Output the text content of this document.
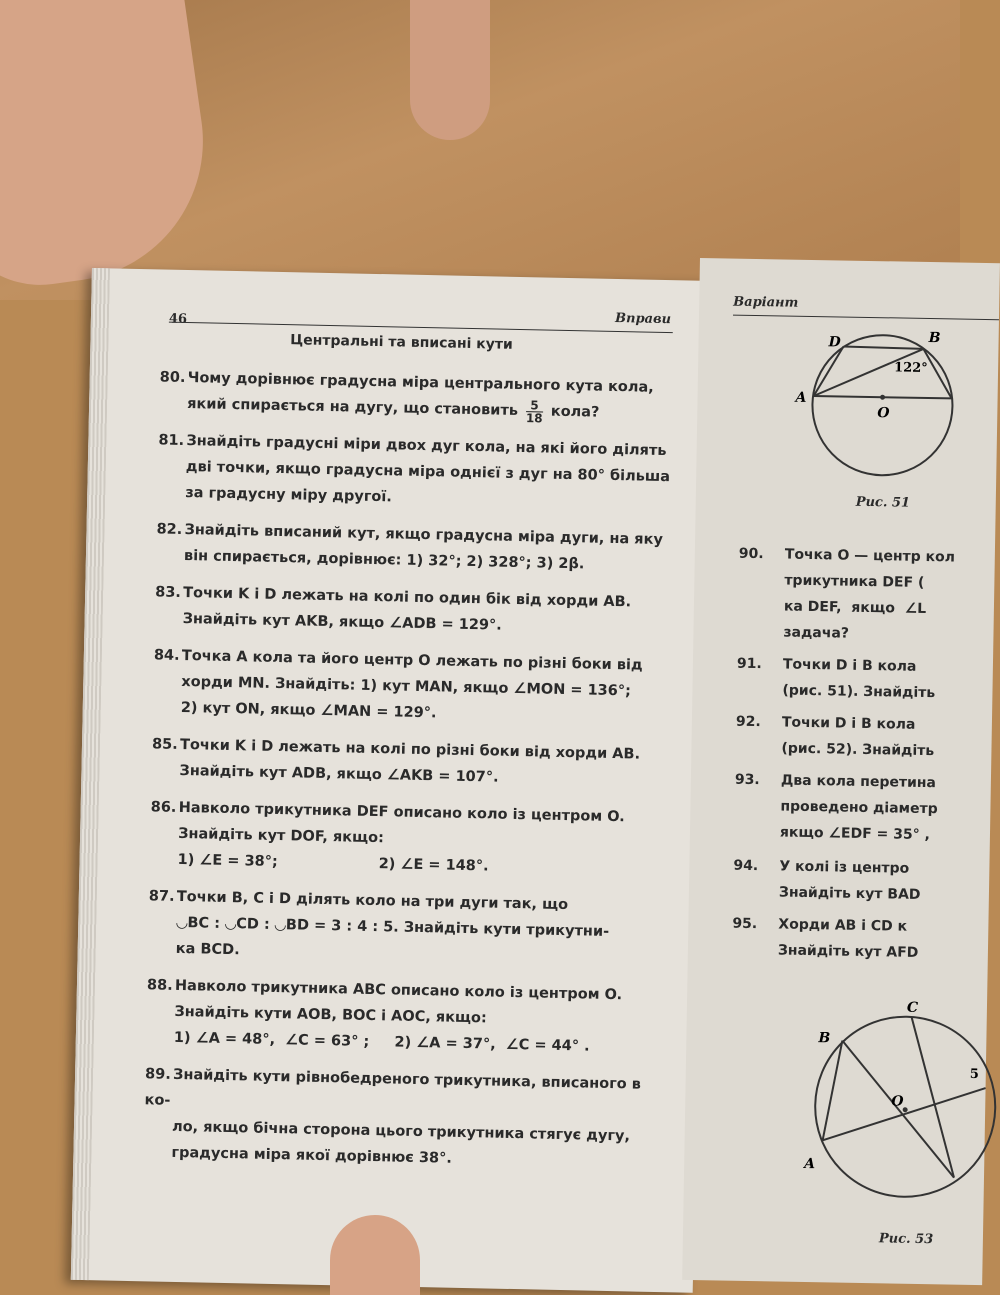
46	Вправи
Центральні та вписані кути
80. Чому дорівнює градусна міра центрального кута кола,
який спирається на дугу, що становить $\frac{5}{18}$ кола?
81. Знайдіть градусні міри двох дуг кола, на які його ділять
дві точки, якщо градусна міра однієї з дуг на 80° більша
за градусну міру другої.
82. Знайдіть вписаний кут, якщо градусна міра дуги, на яку
він спирається, дорівнює: 1) 32°; 2) 328°; 3) 2β.
83. Точки K і D лежать на колі по один бік від хорди AB.
Знайдіть кут AKB, якщо ∠ADB = 129°.
84. Точка A кола та його центр O лежать по різні боки від
хорди MN. Знайдіть: 1) кут MAN, якщо ∠MON = 136°;
2) кут ON, якщо ∠MAN = 129°.
85. Точки K і D лежать на колі по різні боки від хорди AB.
Знайдіть кут ADB, якщо ∠AKB = 107°.
86. Навколо трикутника DEF описано коло із центром O.
Знайдіть кут DOF, якщо:
1) ∠E = 38°;                    2) ∠E = 148°.
87. Точки B, C і D ділять коло на три дуги так, що
◡BC : ◡CD : ◡BD = 3 : 4 : 5. Знайдіть кути трикутни-
ка BCD.
88. Навколо трикутника ABC описано коло із центром O.
Знайдіть кути AOB, BOC і AOC, якщо:
1) ∠A = 48°,  ∠C = 63° ;     2) ∠A = 37°,  ∠C = 44° .
89. Знайдіть кути рівнобедреного трикутника, вписаного в ко-
ло, якщо бічна сторона цього трикутника стягує дугу,
градусна міра якої дорівнює 38°.
Варіант
D	B
A
O
122°
Рис. 51
90. Точка O — центр кол
трикутника DEF (
ка DEF,  якщо  ∠L
задача?
91. Точки D і B кола
(рис. 51). Знайдіть
92. Точки D і B кола
(рис. 52). Знайдіть
93. Два кола перетина
проведено діаметр
якщо ∠EDF = 35° ,
94. У колі із центро
Знайдіть кут BAD
95. Хорди AB і CD к
Знайдіть кут AFD
C
B
A
O
5
Рис. 53
